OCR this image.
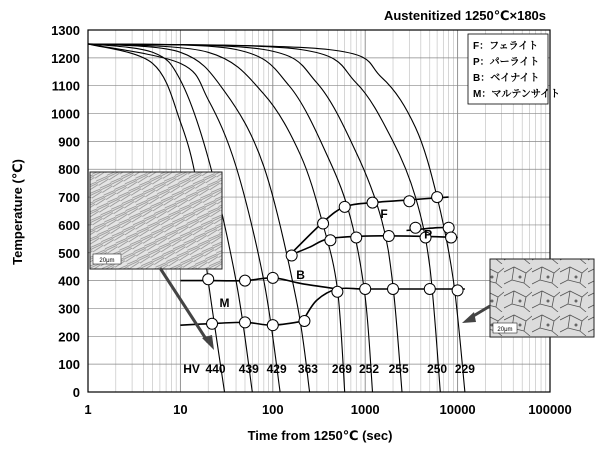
1	10	100	1000	10000	100000
0
100
200
300
400
500
600
700
800
900
1000
1100
1200
1300
HV 440 439 429 363 269 252 255 250 229
F
P
B
M
Austenitized 1250℃×180s
Time from 1250℃ (sec)
Temperature (℃)
F：フェライト
P：パーライト
B：ベイナイト
M：マルテンサイト
20μm
20μm
